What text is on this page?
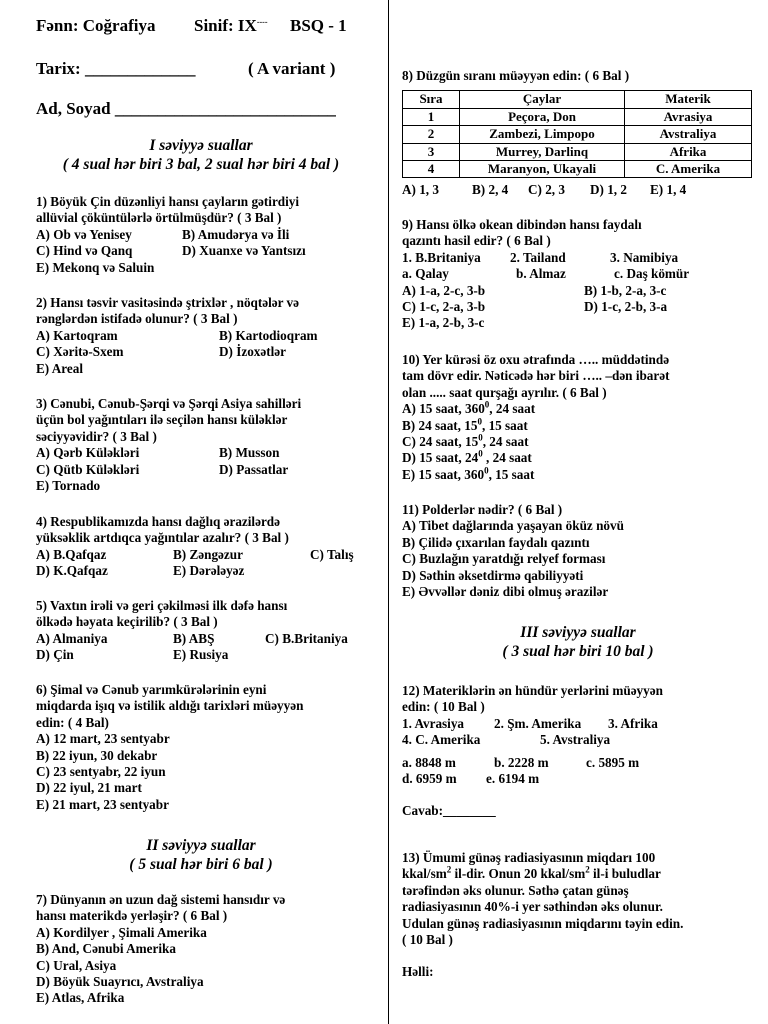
Fənn: Coğrafiya Sinif: IX---- BSQ - 1
Tarix: _____________	( A variant )
Ad, Soyad __________________________
I səviyyə suallar
( 4 sual hər biri 3 bal, 2 sual hər biri 4 bal )
1) Böyük Çin düzənliyi hansı çayların gətirdiyi
allüvial çöküntülərlə örtülmüşdür? ( 3 Bal )
A) Ob və Yenisey	B) Amudərya və İli
C) Hind və Qanq	D) Xuanxe və Yantsızı
E) Mekonq və Saluin
2) Hansı təsvir vasitəsində ştrixlər , nöqtələr və
rənglərdən istifadə olunur? ( 3 Bal )
A) Kartoqram	B) Kartodioqram
C) Xəritə-Sxem	D) İzoxətlər
E) Areal
3) Cənubi, Cənub-Şərqi və Şərqi Asiya sahilləri
üçün bol yağıntıları ilə seçilən hansı küləklər
səciyyəvidir? ( 3 Bal )
A) Qərb Küləkləri	B) Musson
C) Qütb Küləkləri	D) Passatlar
E) Tornado
4) Respublikamızda hansı dağlıq ərazilərdə
yüksəklik artdıqca yağıntılar azalır? ( 3 Bal )
A) B.Qafqaz	B) Zəngəzur	C) Talış
D) K.Qafqaz	E) Dərələyəz
5) Vaxtın irəli və geri çəkilməsi ilk dəfə hansı
ölkədə həyata keçirilib? ( 3 Bal )
A) Almaniya	B) ABŞ	C) B.Britaniya
D) Çin	E) Rusiya
6) Şimal və Cənub yarımkürələrinin eyni
miqdarda işıq və istilik aldığı tarixləri müəyyən
edin: ( 4 Bal)
A) 12 mart, 23 sentyabr
B) 22 iyun, 30 dekabr
C) 23 sentyabr, 22 iyun
D) 22 iyul, 21 mart
E) 21 mart, 23 sentyabr
II səviyyə suallar
( 5 sual hər biri 6 bal )
7) Dünyanın ən uzun dağ sistemi hansıdır və
hansı materikdə yerləşir? ( 6 Bal )
A) Kordilyer , Şimali Amerika
B) And, Cənubi Amerika
C) Ural, Asiya
D) Böyük Suayrıcı, Avstraliya
E) Atlas, Afrika
8) Düzgün sıranı müəyyən edin: ( 6 Bal )
Sıra	Çaylar	Materik
1	Peçora, Don	Avrasiya
2	Zambezi, Limpopo	Avstraliya
3	Murrey, Darlinq	Afrika
4	Maranyon, Ukayali	C. Amerika
A) 1, 3	B) 2, 4 C) 2, 3 D) 1, 2 E) 1, 4
9) Hansı ölkə okean dibindən hansı faydalı
qazıntı hasil edir? ( 6 Bal )
1. B.Britaniya 2. Tailand	3. Namibiya
a. Qalay	b. Almaz	c. Daş kömür
A) 1-a, 2-c, 3-b	B) 1-b, 2-a, 3-c
C) 1-c, 2-a, 3-b	D) 1-c, 2-b, 3-a
E) 1-a, 2-b, 3-c
10) Yer kürəsi öz oxu ətrafında ….. müddətində
tam dövr edir. Nəticədə hər biri ….. –dən ibarət
olan ..... saat qurşağı ayrılır. ( 6 Bal )
A) 15 saat, $360^0$, 24 saat
B) 24 saat, $15^0$, 15 saat
C) 24 saat, $15^0$, 24 saat
D) 15 saat, $24^0$ , 24 saat
E) 15 saat, $360^0$, 15 saat
11) Polderlər nədir? ( 6 Bal )
A) Tibet dağlarında yaşayan öküz növü
B) Çilidə çıxarılan faydalı qazıntı
C) Buzlağın yaratdığı relyef forması
D) Səthin əksetdirmə qabiliyyəti
E) Əvvəllər dəniz dibi olmuş ərazilər
III səviyyə suallar
( 3 sual hər biri 10 bal )
12) Materiklərin ən hündür yerlərini müəyyən
edin: ( 10 Bal )
1. Avrasiya 2. Şm. Amerika 3. Afrika
4. C. Amerika	5. Avstraliya
a. 8848 m	b. 2228 m	c. 5895 m
d. 6959 m e. 6194 m
Cavab:________
13) Ümumi günəş radiasiyasının miqdarı 100
kkal/$sm^2$ il-dir. Onun 20 kkal/$sm^2$ il-i buludlar
tərəfindən əks olunur. Səthə çatan günəş
radiasiyasının 40%-i yer səthindən əks olunur.
Udulan günəş radiasiyasının miqdarını təyin edin.
( 10 Bal )
Həlli:
